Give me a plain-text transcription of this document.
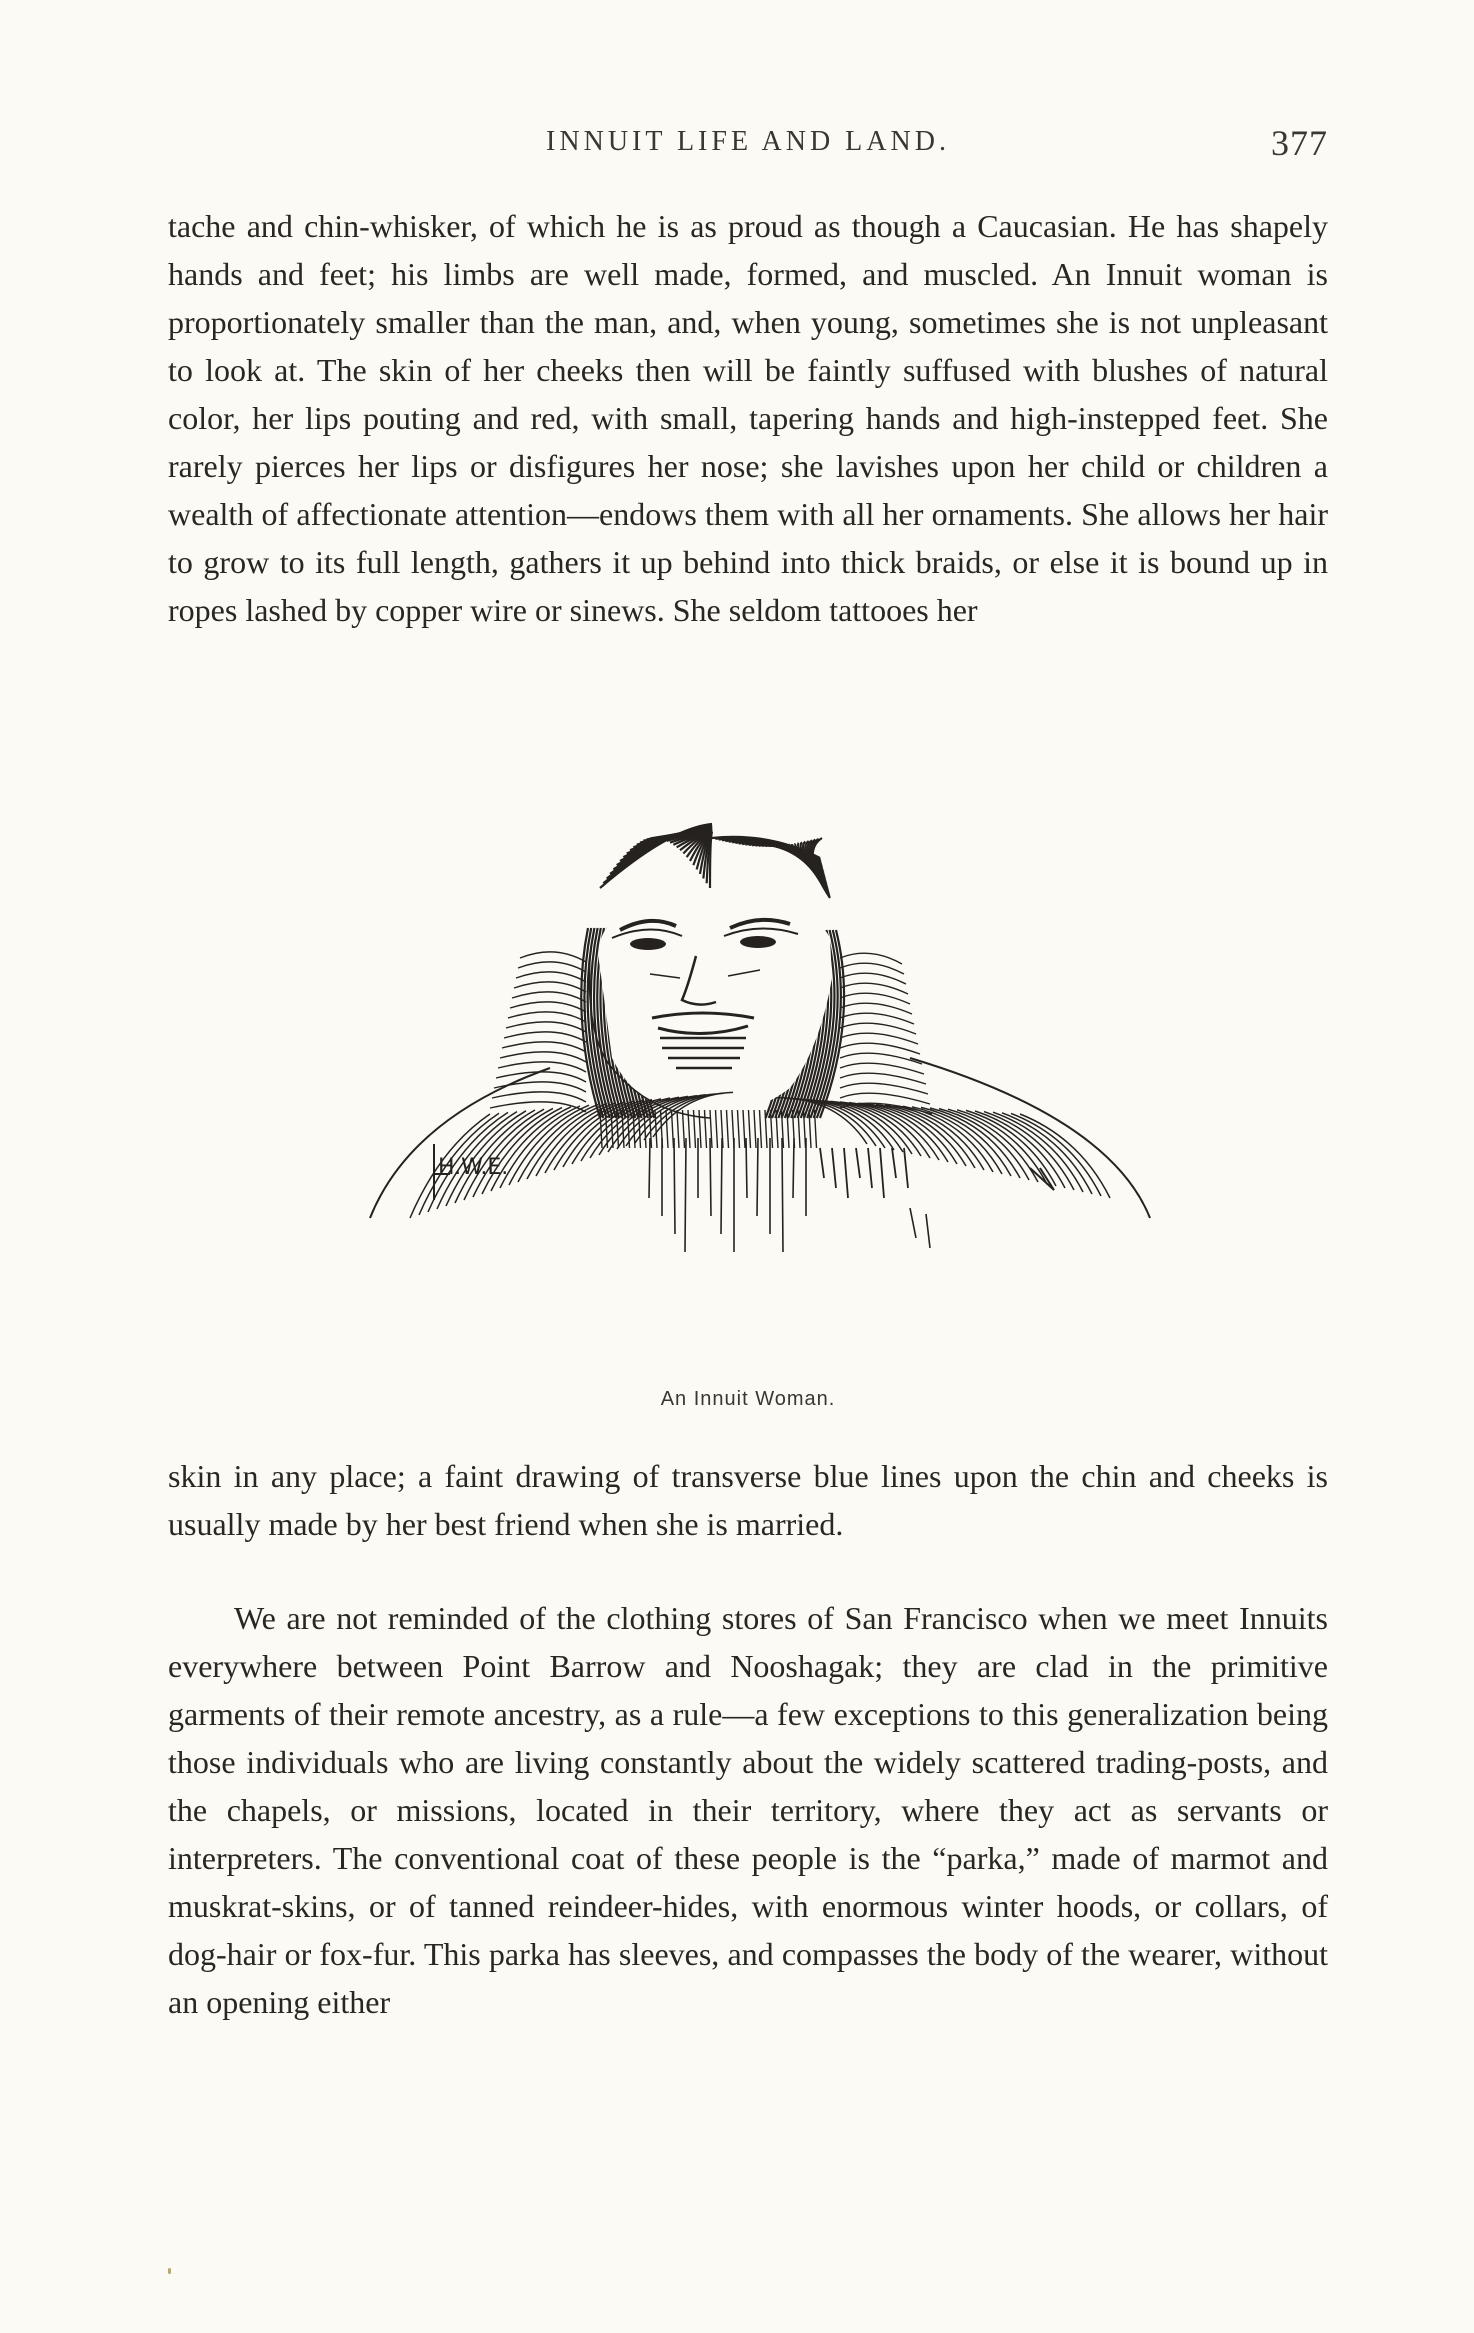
INNUIT LIFE AND LAND.	377

tache and chin-whisker, of which he is as proud as though a Caucasian. He has shapely hands and feet; his limbs are well made, formed, and muscled. An Innuit woman is proportionately smaller than the man, and, when young, sometimes she is not unpleasant to look at. The skin of her cheeks then will be faintly suffused with blushes of natural color, her lips pouting and red, with small, tapering hands and high-instepped feet. She rarely pierces her lips or disfigures her nose; she lavishes upon her child or children a wealth of affectionate attention—endows them with all her ornaments. She allows her hair to grow to its full length, gathers it up behind into thick braids, or else it is bound up in ropes lashed by copper wire or sinews. She seldom tattooes her

H.W.E.
An Innuit Woman.

skin in any place; a faint drawing of transverse blue lines upon the chin and cheeks is usually made by her best friend when she is married.

We are not reminded of the clothing stores of San Francisco when we meet Innuits everywhere between Point Barrow and Nooshagak; they are clad in the primitive garments of their remote ancestry, as a rule—a few exceptions to this generalization being those individuals who are living constantly about the widely scattered trading-posts, and the chapels, or missions, located in their territory, where they act as servants or interpreters. The conventional coat of these people is the “parka,” made of marmot and muskrat-skins, or of tanned reindeer-hides, with enormous winter hoods, or collars, of dog-hair or fox-fur. This parka has sleeves, and compasses the body of the wearer, without an opening either
